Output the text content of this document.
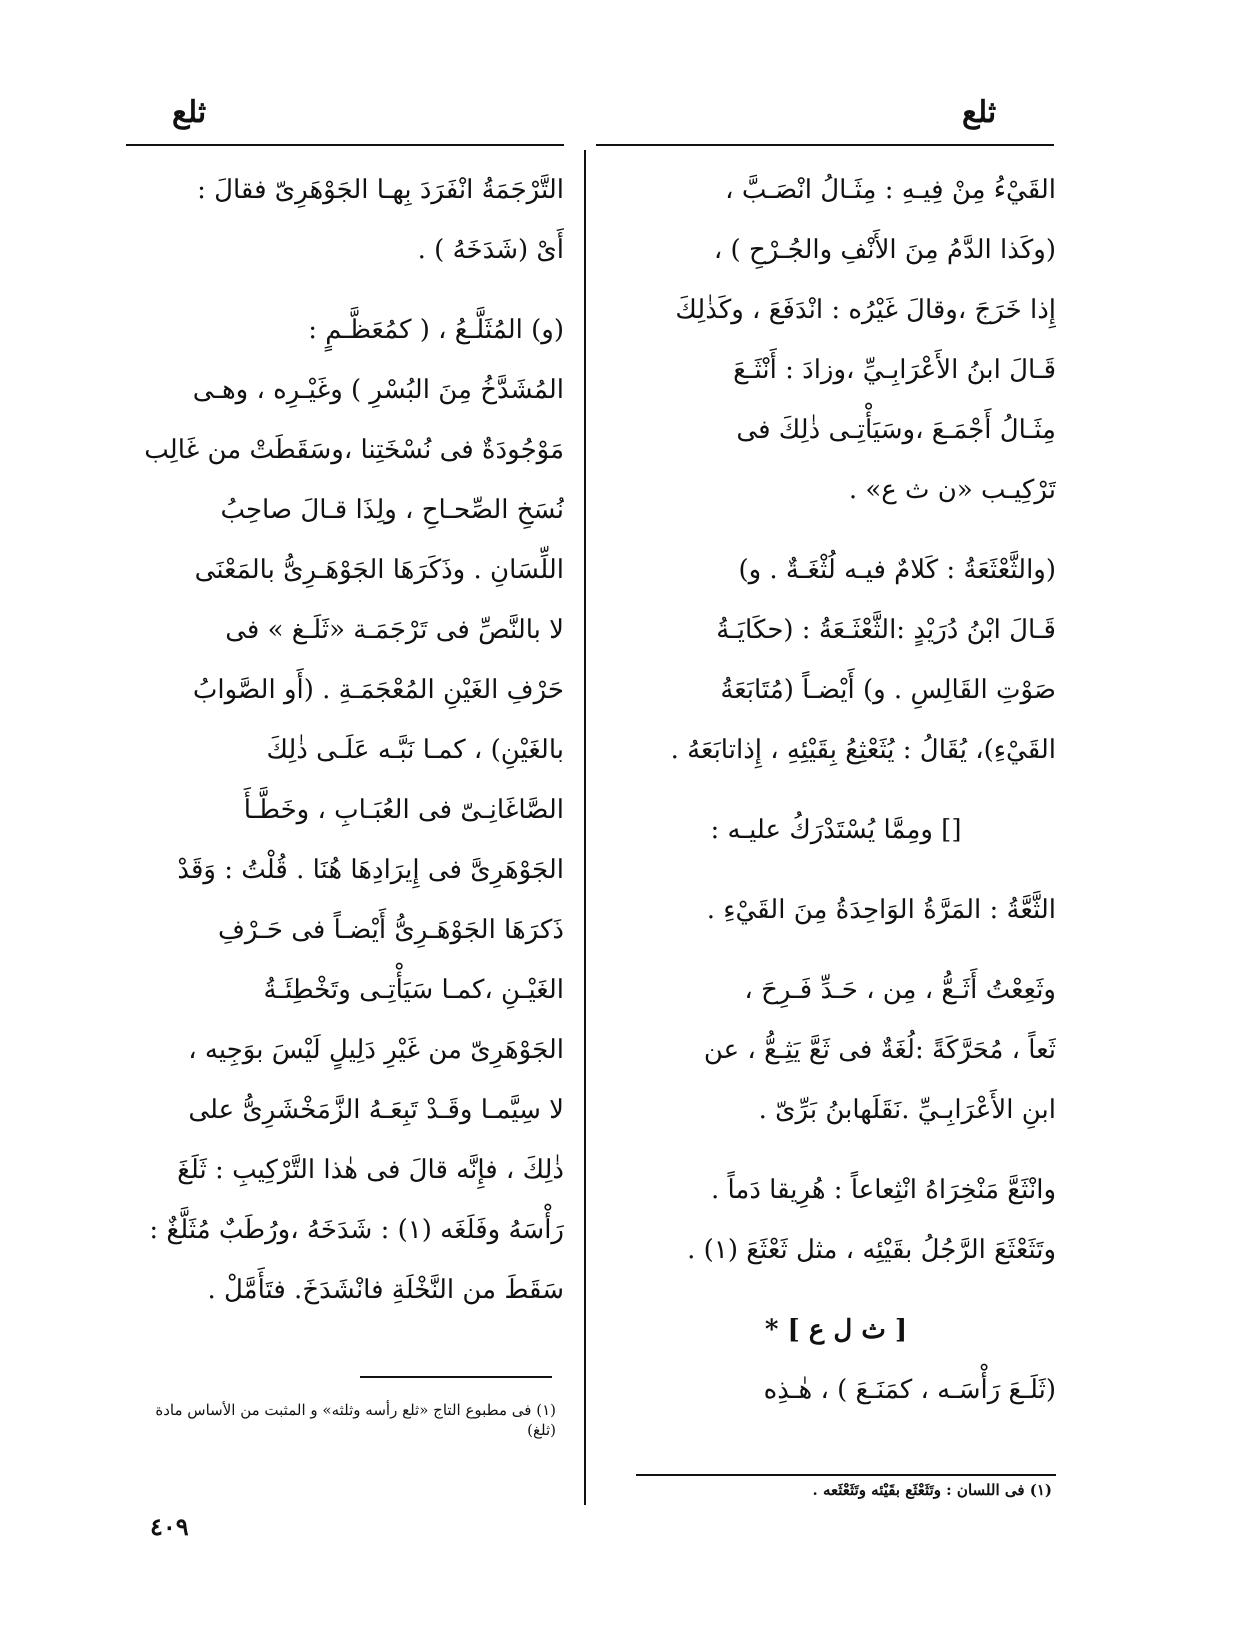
ثلع
ثلع

القَيْءُ مِنْ فِيـهِ : مِثَـالُ انْصَـبَّ ،

(وكَذا الدَّمُ مِنَ الأَنْفِ والجُـرْحِ ) ،

إِذا خَرَجَ ،وقالَ غَيْرُه : انْدَفَعَ ، وكَذٰلِكَ

قَـالَ ابنُ الأَعْرَابِـيِّ ،وزادَ : أَنْثَـعَ

مِثَـالُ أَجْمَـعَ ،وسَيَأْتِـى ذٰلِكَ فى

تَرْكِيـب «ن ث ع» .

(والثَّعْثَعَةُ : كَلامٌ فيـه لُثْغَـةٌ . و)

قَـالَ ابْنُ دُرَيْدٍ :الثَّعْثَـعَةُ : (حكَايَـةُ

صَوْتِ القَالِسِ . و) أَيْضـاً (مُتَابَعَةُ

القَيْءِ)، يُقَالُ : يُثَعْثِعُ بِقَيْئِهِ ، إِذاتابَعَهُ .

[] ومِمَّا يُسْتَدْرَكُ عليـه :

الثَّعَّةُ : المَرَّةُ الوَاحِدَةُ مِنَ القَيْءِ .

وثَعِعْتُ أَثَـعُّ ، مِن ، حَـدِّ فَـرِحَ ،

ثَعاً ، مُحَرَّكَةً :لُغَةٌ فى ثَعَّ يَثِـعُّ ، عن

ابنِ الأَعْرَابِـيِّ .نَقَلَهابنُ بَرِّىّ .

وانْثَعَّ مَنْخِرَاهُ انْثِعاعاً : هُرِيقا دَماً .

وتَثَعْثَعَ الرَّجُلُ بقَيْئِه ، مثل ثَعْثَعَ (١) .

[ ث ل ع ] *

(ثَلَـعَ رَأْسَـه ، كمَنَـعَ ) ، هٰـذِه

التَّرْجَمَةُ انْفَرَدَ بِهـا الجَوْهَرِىّ فقالَ :

أَىْ (شَدَخَهُ ) .

(و) المُثَلَّـعُ ، ( كمُعَظَّـمٍ :

المُشَدَّخُ مِنَ البُسْرِ ) وغَيْـرِه ، وهـى

مَوْجُودَةٌ فى نُسْخَتِنا ،وسَقَطَتْ من غَالِب

نُسَخِ الصِّحـاحِ ، ولِذَا قـالَ صاحِبُ

اللِّسَانِ . وذَكَرَهَا الجَوْهَـرِىُّ بالمَعْنَى

لا بالنَّصِّ فى تَرْجَمَـة «ثَلَـغ » فى

حَرْفِ الغَيْنِ المُعْجَمَـةِ . (أَو الصَّوابُ

بالغَيْنِ) ، كمـا نَبَّـه عَلَـى ذٰلِكَ

الصَّاغَانِـىّ فى العُبَـابِ ، وخَطَّـأَ

الجَوْهَرِىَّ فى إِيرَادِهَا هُنَا . قُلْتُ : وَقَدْ

ذَكرَهَا الجَوْهَـرِىُّ أَيْضـاً فى حَـرْفِ

الغَيْـنِ ،كمـا سَيَأْتِـى وتَخْطِئَـةُ

الجَوْهَرِىّ من غَيْرِ دَلِيلٍ لَيْسَ بوَجِيه ،

لا سِيَّمـا وقَـدْ تَبِعَـهُ الزَّمَخْشَرِىُّ على

ذٰلِكَ ، فإِنَّه قالَ فى هٰذا التَّرْكِيبِ : ثَلَغَ

رَأْسَهُ وفَلَغَه (١) : شَدَخَهُ ،ورُطَبٌ مُثَلَّغٌ :

سَقَطَ من النَّخْلَةِ فانْشَدَخَ. فتَأَمَّلْ .

(١) فى اللسان : وتَثَعْثَع بقَيْئه وتَثَعْثَعه .
(١) فى مطبوع التاج «ثلع رأسه وثلثه» و المثبت من الأساس مادة (ثلغ)
٤٠٩
